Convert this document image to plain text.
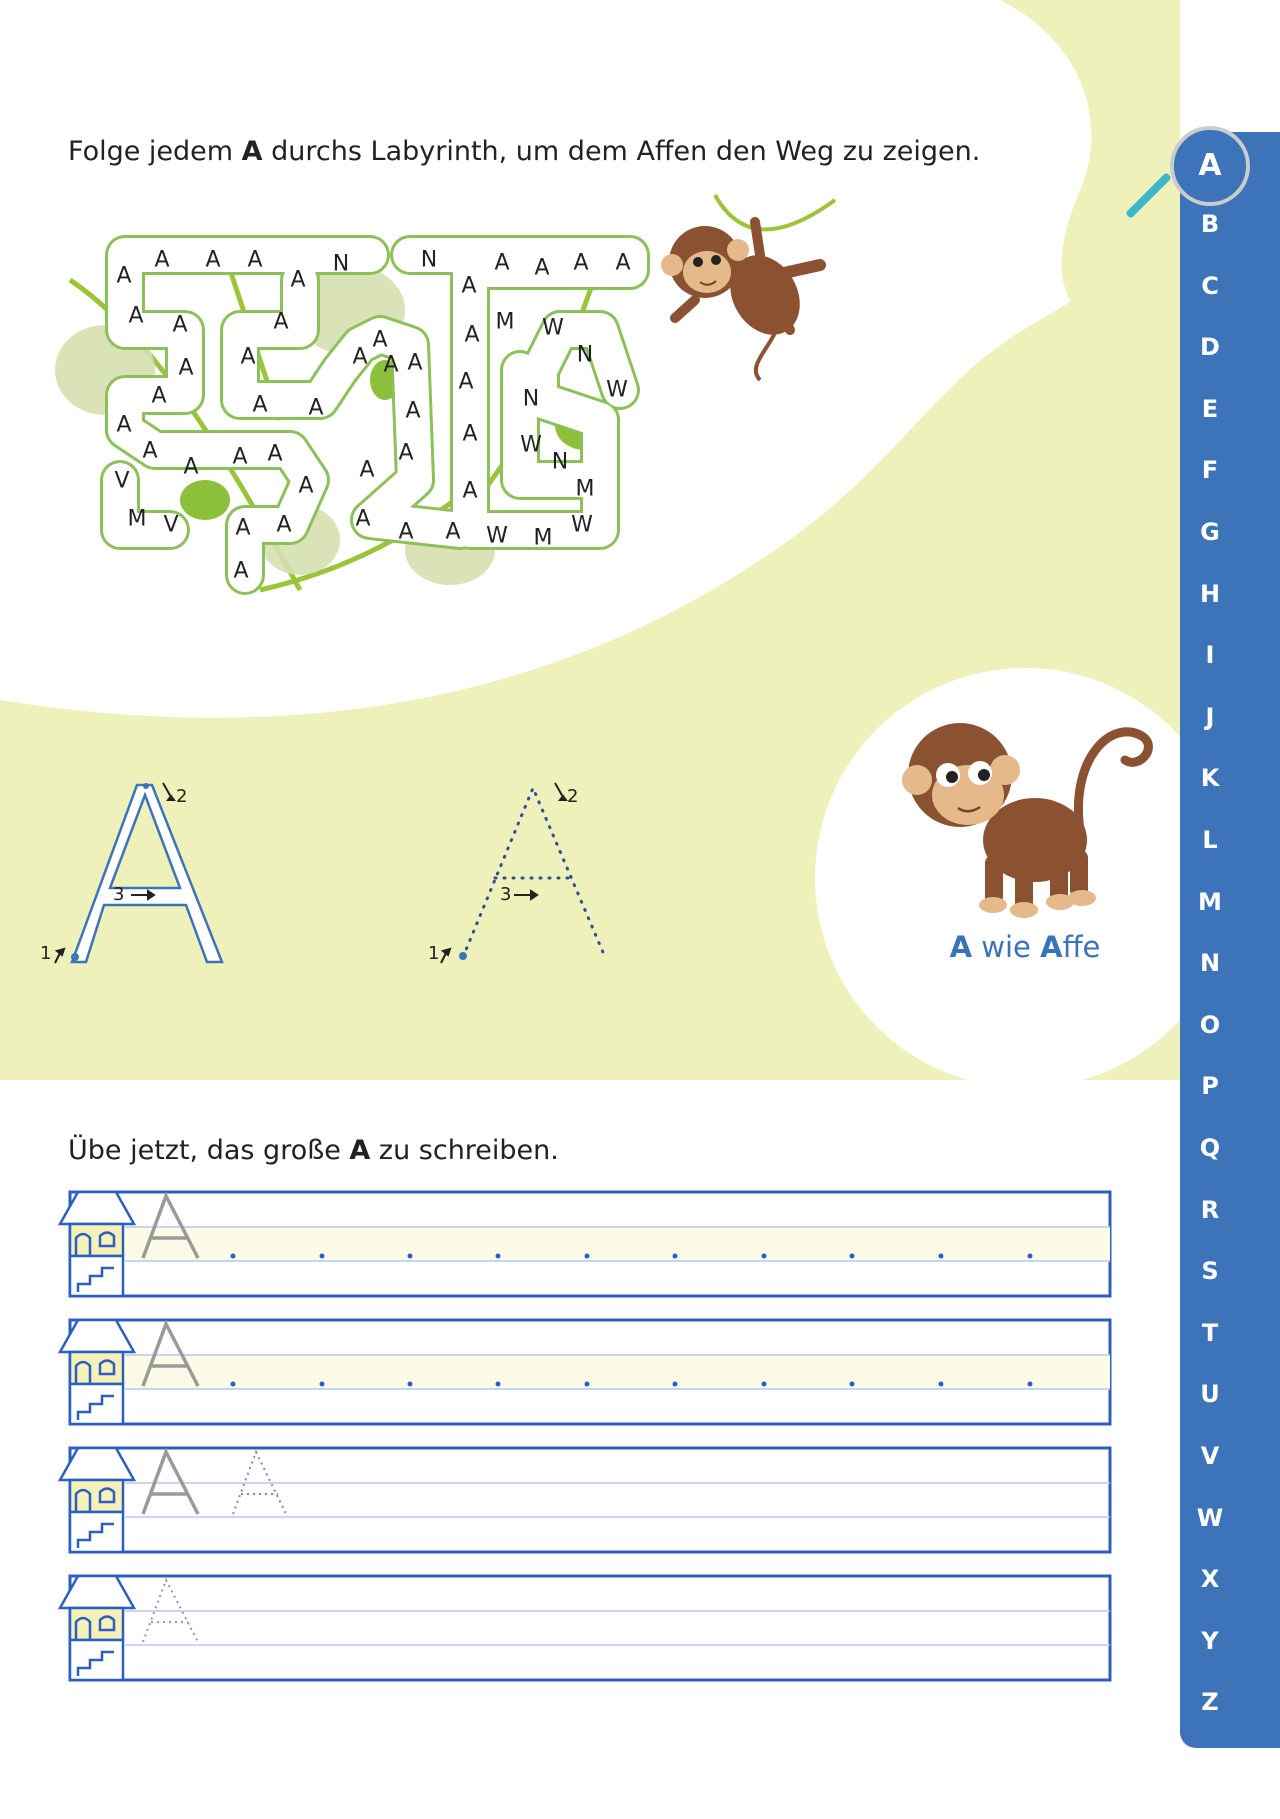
Folge jedem A durchs Labyrinth, um dem Affen den Weg zu zeigen.

A
A A A
A
N	N	A A A A
A
A A	A
A	A
M W
A A	A A A
A
N
W
A	A A	A	N
A	A W
A
A A A	A
A	N
V	A	A	M
M V	A
A A	A A W M
W
A
2
3
1
2
3
1	A wie Affe

Übe jetzt, das große A zu schreiben.

A
B
C
D
E
F
G
H
I
J
K
L
M
N
O
P
Q
R
S
T
U
V
W
X
Y
Z
